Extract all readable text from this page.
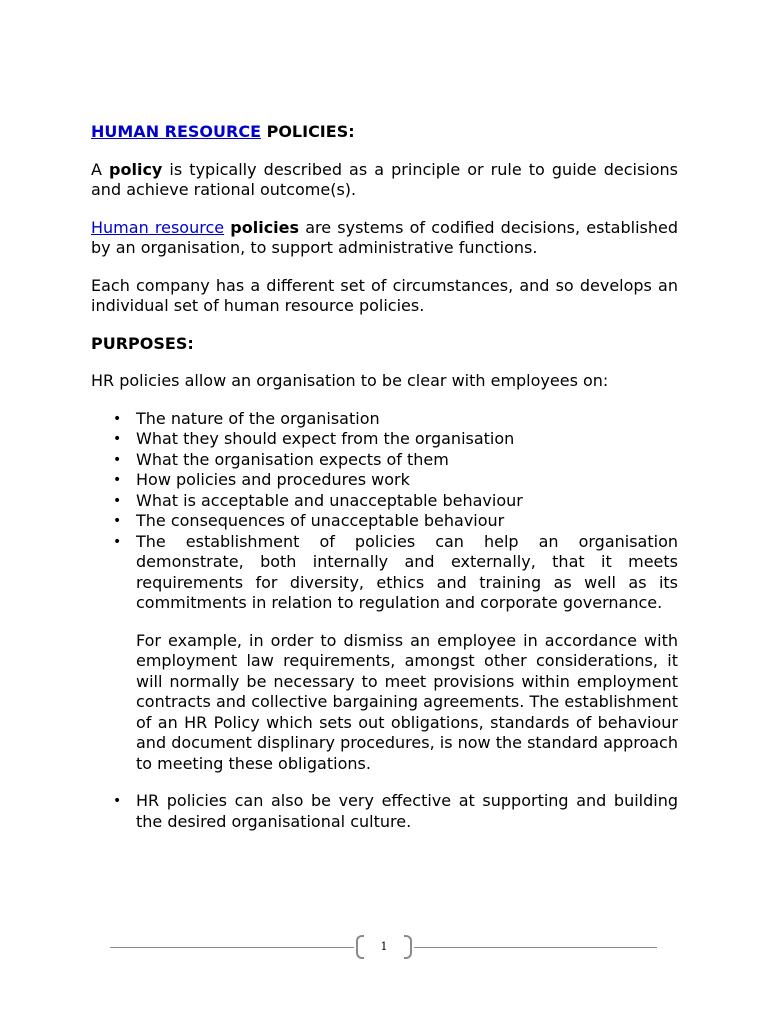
HUMAN RESOURCE POLICIES:

A policy is typically described as a principle or rule to guide decisions and achieve rational outcome(s).

Human resource policies are systems of codified decisions, established by an organisation, to support administrative functions.

Each company has a different set of circumstances, and so develops an individual set of human resource policies.

PURPOSES:

HR policies allow an organisation to be clear with employees on:

• The nature of the organisation
• What they should expect from the organisation
• What the organisation expects of them
• How policies and procedures work
• What is acceptable and unacceptable behaviour
• The consequences of unacceptable behaviour
• The establishment of policies can help an organisation demonstrate, both internally and externally, that it meets requirements for diversity, ethics and training as well as its commitments in relation to regulation and corporate governance.

For example, in order to dismiss an employee in accordance with employment law requirements, amongst other considerations, it will normally be necessary to meet provisions within employment contracts and collective bargaining agreements. The establishment of an HR Policy which sets out obligations, standards of behaviour and document displinary procedures, is now the standard approach to meeting these obligations.

• HR policies can also be very effective at supporting and building the desired organisational culture.
1
